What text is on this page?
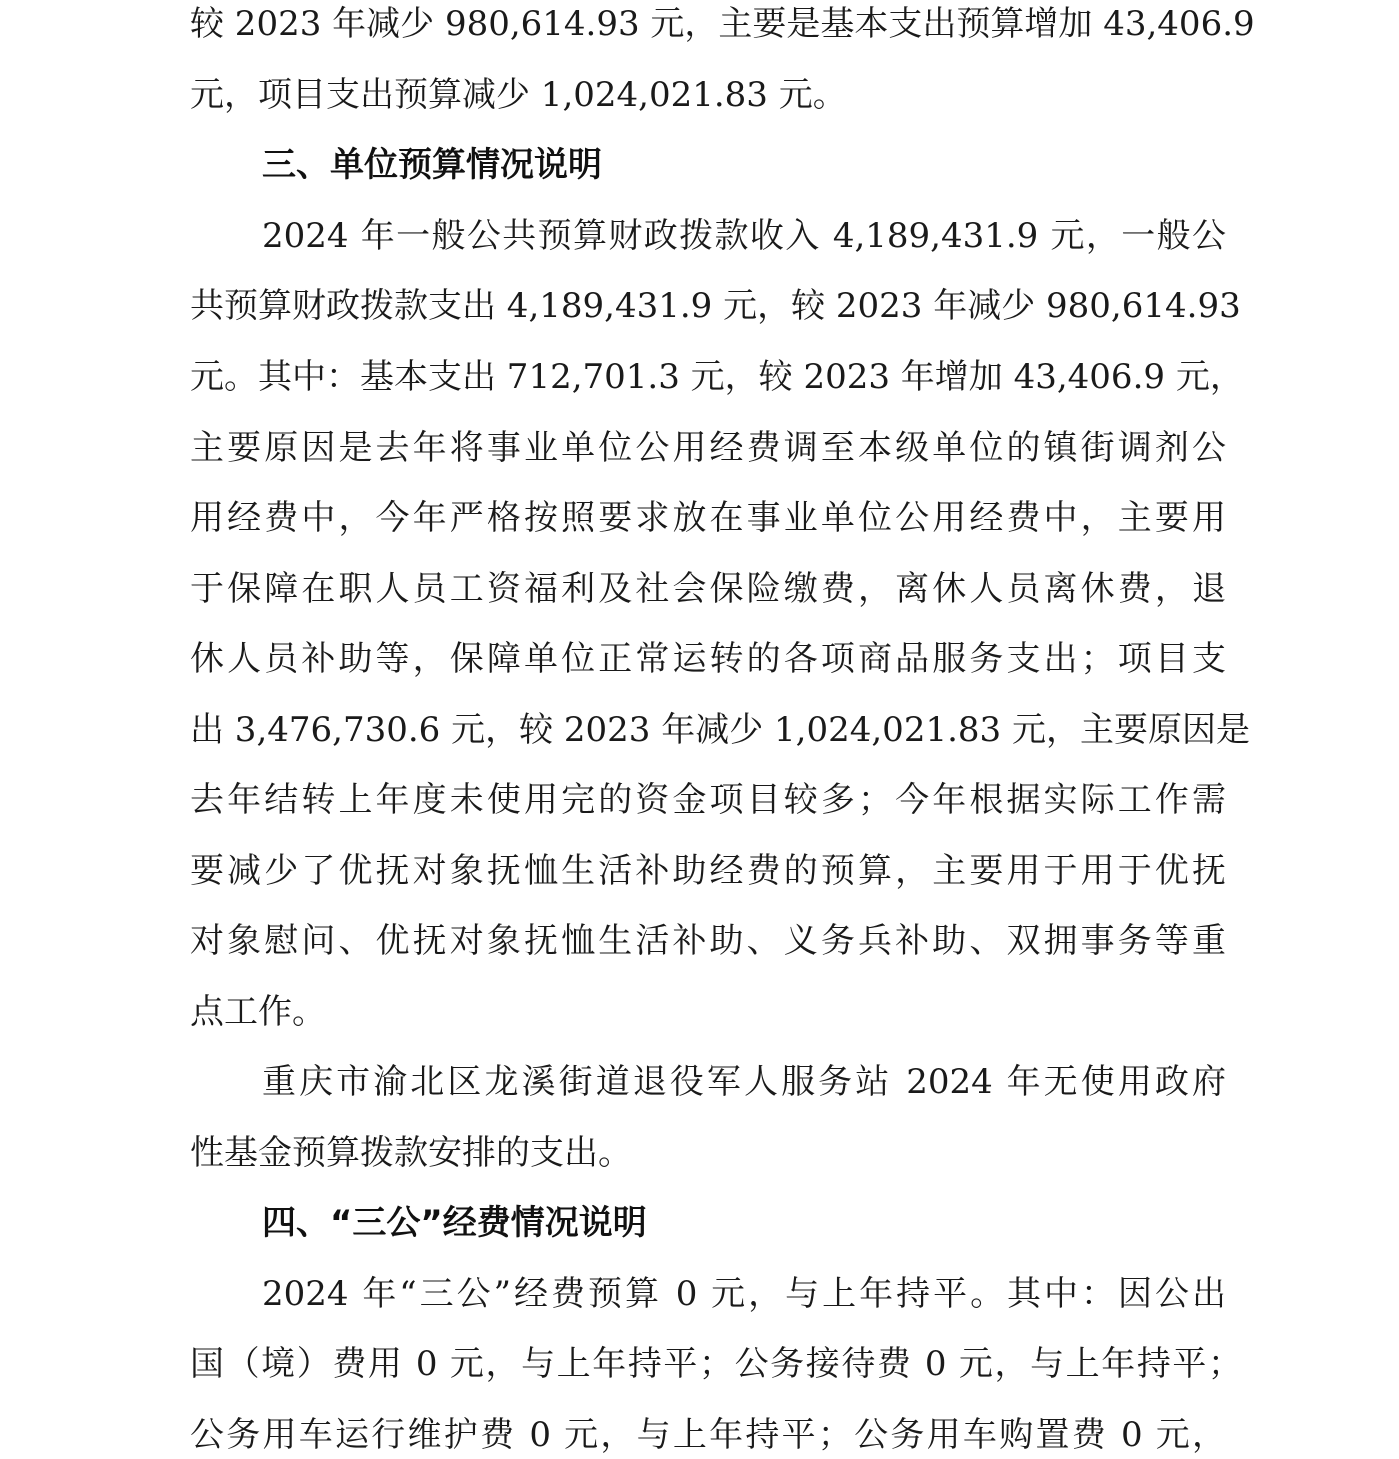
较 2023 年减少 980,614.93 元，主要是基本支出预算增加 43,406.9
元，项目支出预算减少 1,024,021.83 元。
三、单位预算情况说明
2024 年一般公共预算财政拨款收入 4,189,431.9 元，一般公
共预算财政拨款支出 4,189,431.9 元，较 2023 年减少 980,614.93
元。其中：基本支出 712,701.3 元，较 2023 年增加 43,406.9 元，
主要原因是去年将事业单位公用经费调至本级单位的镇街调剂公
用经费中，今年严格按照要求放在事业单位公用经费中，主要用
于保障在职人员工资福利及社会保险缴费，离休人员离休费，退
休人员补助等，保障单位正常运转的各项商品服务支出；项目支
出 3,476,730.6 元，较 2023 年减少 1,024,021.83 元，主要原因是
去年结转上年度未使用完的资金项目较多；今年根据实际工作需
要减少了优抚对象抚恤生活补助经费的预算，主要用于用于优抚
对象慰问、优抚对象抚恤生活补助、义务兵补助、双拥事务等重
点工作。
重庆市渝北区龙溪街道退役军人服务站 2024 年无使用政府
性基金预算拨款安排的支出。
四、“三公”经费情况说明
2024 年“三公”经费预算 0 元，与上年持平。其中：因公出
国（境）费用 0 元，与上年持平；公务接待费 0 元，与上年持平；
公务用车运行维护费 0 元，与上年持平；公务用车购置费 0 元，
